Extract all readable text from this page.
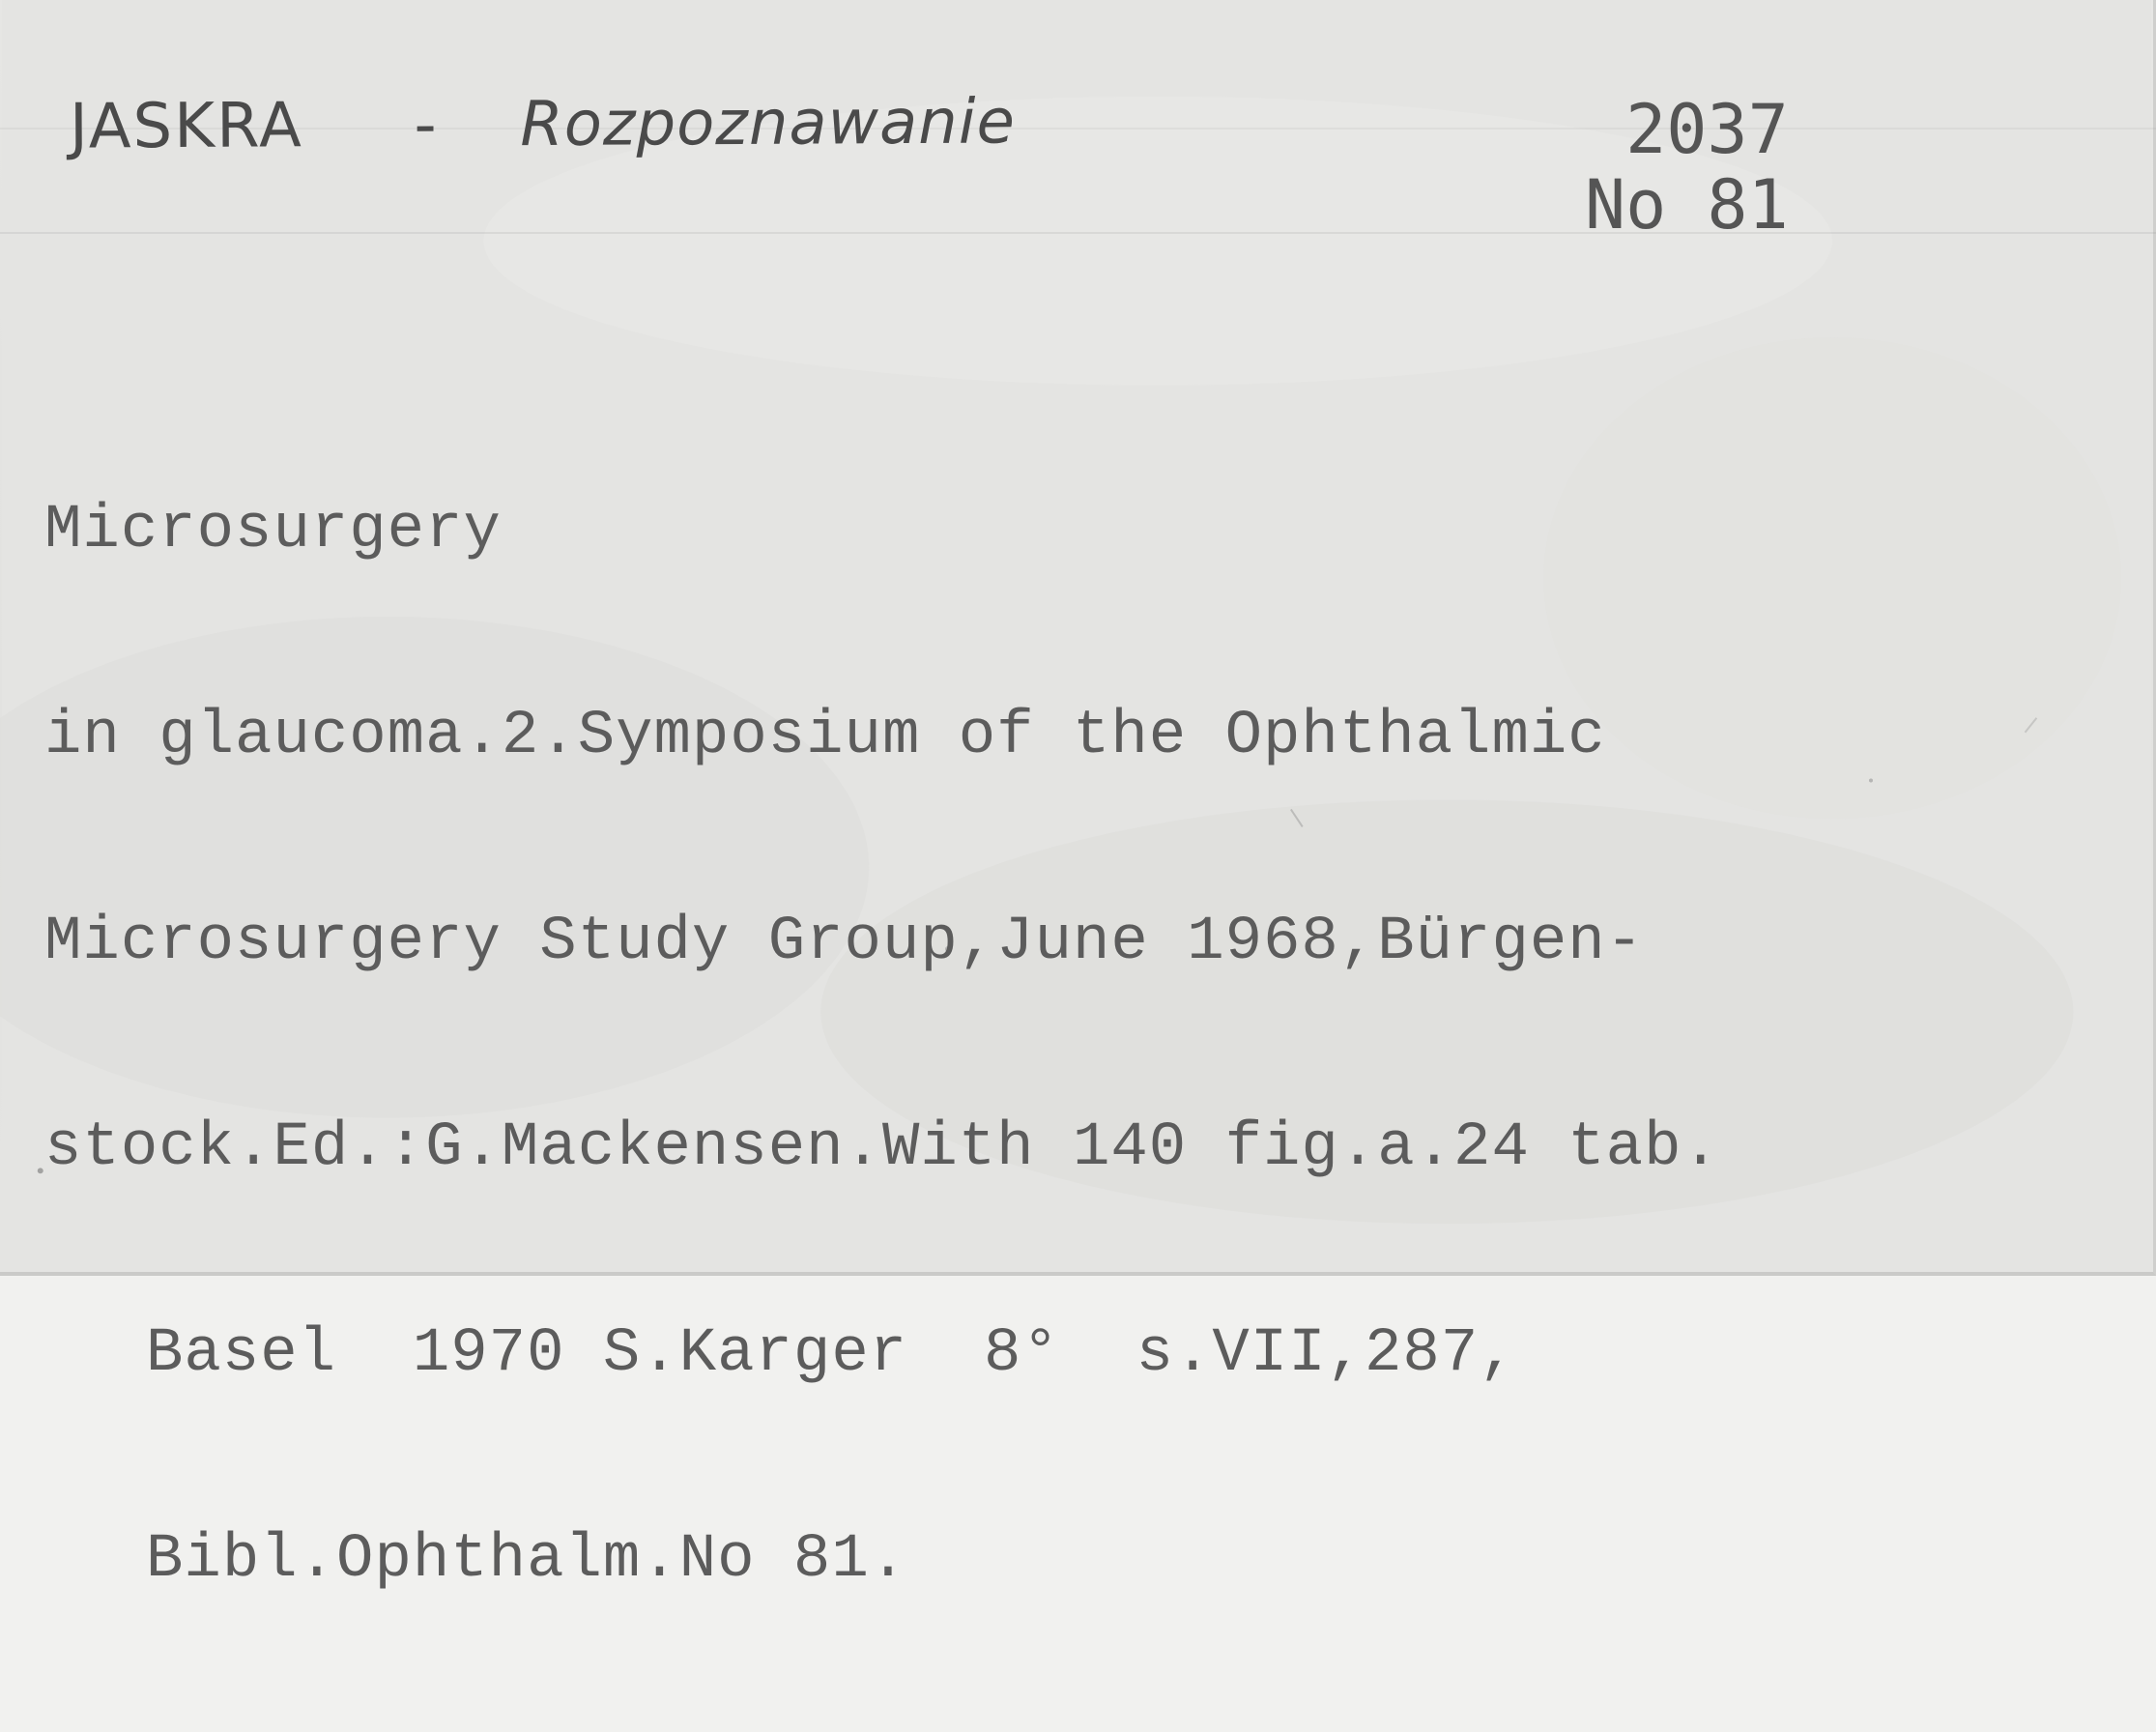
JASKRA - Rozpoznawanie	2037
No 81

Microsurgery

in glaucoma.2.Symposium of the Ophthalmic

Microsurgery Study Group,June 1968,Bürgen-

stock.Ed.:G.Mackensen.With 140 fig.a.24 tab.

Basel  1970 S.Karger  8°  s.VII,287,

Bibl.Ophthalm.No 81.
